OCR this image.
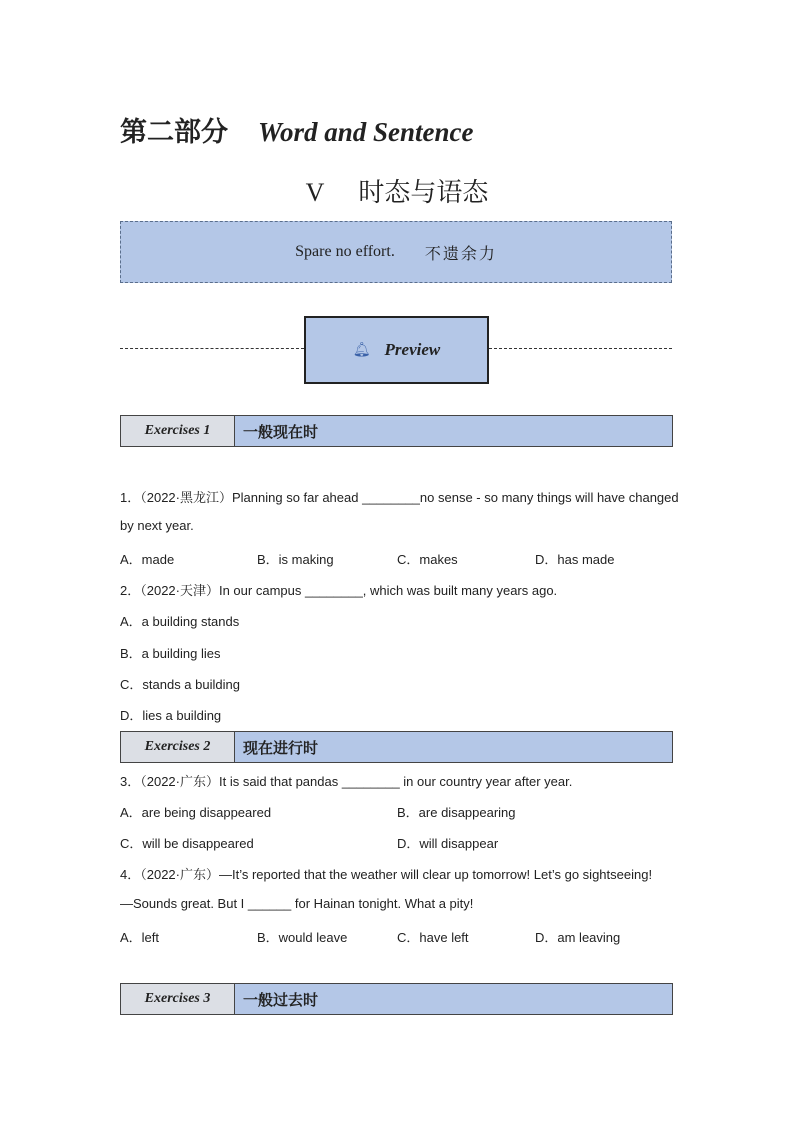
第二部分 Word and Sentence
V 时态与语态
Spare no effort. 不遗余力
🔔︎ Preview
Exercises 1	一般现在时
1．（2022·黑龙江）Planning so far ahead ________no sense - so many things will have changed
by next year.
A．made	B．is making	C．makes	D．has made
2．（2022·天津）In our campus ________, which was built many years ago.
A．a building stands
B．a building lies
C．stands a building
D．lies a building
Exercises 2	现在进行时
3．（2022·广东）It is said that pandas ________ in our country year after year.
A．are being disappeared	B．are disappearing
C．will be disappeared	D．will disappear
4．（2022·广东）—It’s reported that the weather will clear up tomorrow! Let’s go sightseeing!
—Sounds great. But I ______ for Hainan tonight. What a pity!
A．left	B．would leave	C．have left	D．am leaving
Exercises 3	一般过去时
